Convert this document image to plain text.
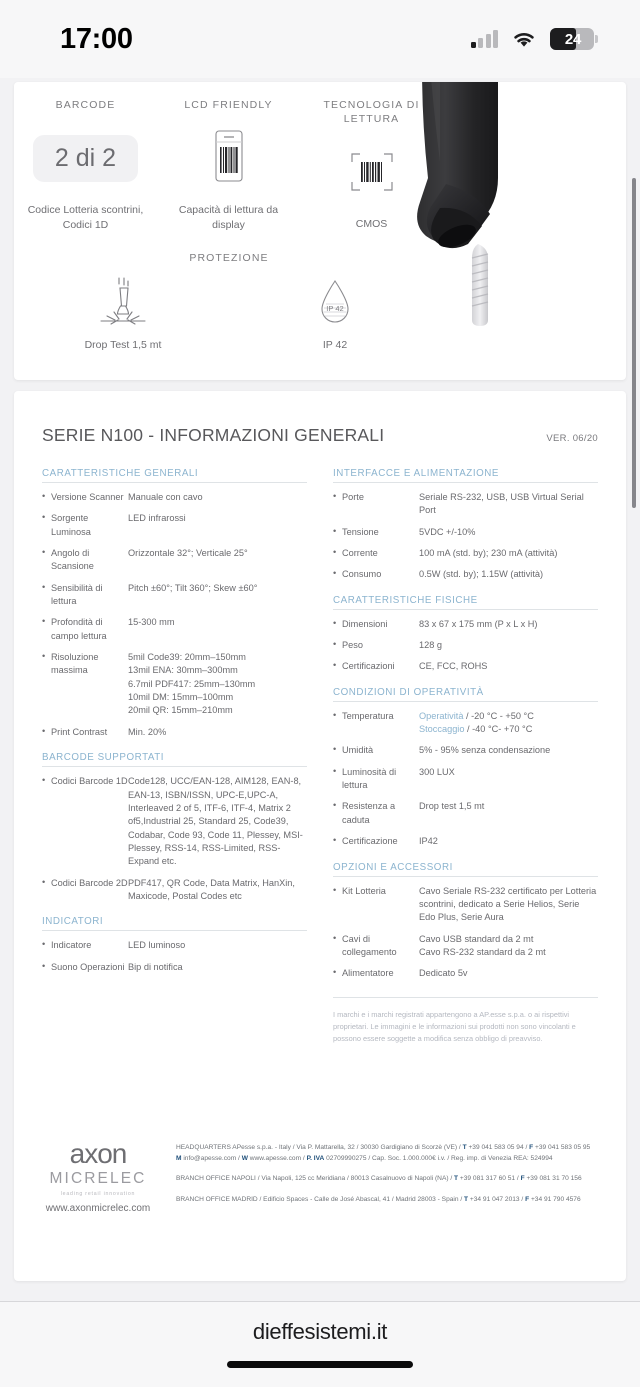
17:00	24
BARCODE
2 di 2
Codice Lotteria scontrini, Codici 1D
LCD FRIENDLY
Capacità di lettura da display
TECNOLOGIA DI LETTURA
CMOS
PROTEZIONE
Drop Test 1,5 mt
IP 42
IP 42
SERIE N100 - INFORMAZIONI GENERALI	VER. 06/20
CARATTERISTICHE GENERALI
• Versione Scanner Manuale con cavo
• Sorgente Luminosa
LED infrarossi
• Angolo di Scansione
Orizzontale 32°; Verticale 25°
• Sensibilità di lettura
Pitch ±60°; Tilt 360°; Skew ±60°
• Profondità di campo lettura
15-300 mm
• Risoluzione massima
5mil Code39: 20mm–150mm
13mil ENA: 30mm–300mm
6.7mil PDF417: 25mm–130mm
10mil DM: 15mm–100mm
20mil QR: 15mm–210mm
• Print Contrast	Min. 20%
BARCODE SUPPORTATI
• Codici Barcode 1D Code128, UCC/EAN-128, AIM128, EAN-8, EAN-13, ISBN/ISSN, UPC-E,UPC-A, Interleaved 2 of 5, ITF-6, ITF-4, Matrix 2 of5,Industrial 25, Standard 25, Code39, Codabar, Code 93, Code 11, Plessey, MSI-Plessey, RSS-14, RSS-Limited, RSS-Expand etc.
• Codici Barcode 2D PDF417, QR Code, Data Matrix, HanXin, Maxicode, Postal Codes etc
INDICATORI
• Indicatore	LED luminoso
• Suono Operazioni Bip di notifica
INTERFACCE E ALIMENTAZIONE
• Porte	Seriale RS-232, USB, USB Virtual Serial Port
• Tensione	5VDC +/-10%
• Corrente	100 mA (std. by); 230 mA (attività)
• Consumo	0.5W (std. by); 1.15W (attività)
CARATTERISTICHE FISICHE
• Dimensioni	83 x 67 x 175 mm (P x L x H)
• Peso	128 g
• Certificazioni	CE, FCC, ROHS
CONDIZIONI DI OPERATIVITÀ
• Temperatura	Operatività / -20 °C - +50 °C
Stoccaggio / -40 °C- +70 °C
• Umidità	5% - 95% senza condensazione
• Luminosità di lettura
300 LUX
• Resistenza a caduta
Drop test 1,5 mt
• Certificazione	IP42
OPZIONI E ACCESSORI
• Kit Lotteria	Cavo Seriale RS-232 certificato per Lotteria scontrini, dedicato a Serie Helios, Serie Edo Plus, Serie Aura
• Cavi di collegamento
Cavo USB standard da 2 mt
Cavo RS-232 standard da 2 mt
• Alimentatore	Dedicato 5v
I marchi e i marchi registrati appartengono a AP.esse s.p.a. o ai rispettivi proprietari. Le immagini e le informazioni sui prodotti non sono vincolanti e possono essere soggette a modifica senza obbligo di preavviso.
axon
MICRELEC
leading retail innovation
www.axonmicrelec.com
HEADQUARTERS APesse s.p.a. - Italy / Via P. Mattarella, 32 / 30030 Gardigiano di Scorzè (VE) / T +39 041 583 05 94 / F +39 041 583 05 95
M info@apesse.com / W www.apesse.com / P. IVA 02709990275 / Cap. Soc. 1.000.000€ i.v. / Reg. imp. di Venezia REA: 524994
BRANCH OFFICE NAPOLI / Via Napoli, 125 cc Meridiana / 80013 Casalnuovo di Napoli (NA) / T +39 081 317 60 51 / F +39 081 31 70 156
BRANCH OFFICE MADRID / Edificio Spaces - Calle de José Abascal, 41 / Madrid 28003 - Spain / T +34 91 047 2013 / F +34 91 790 4576
dieffesistemi.it
